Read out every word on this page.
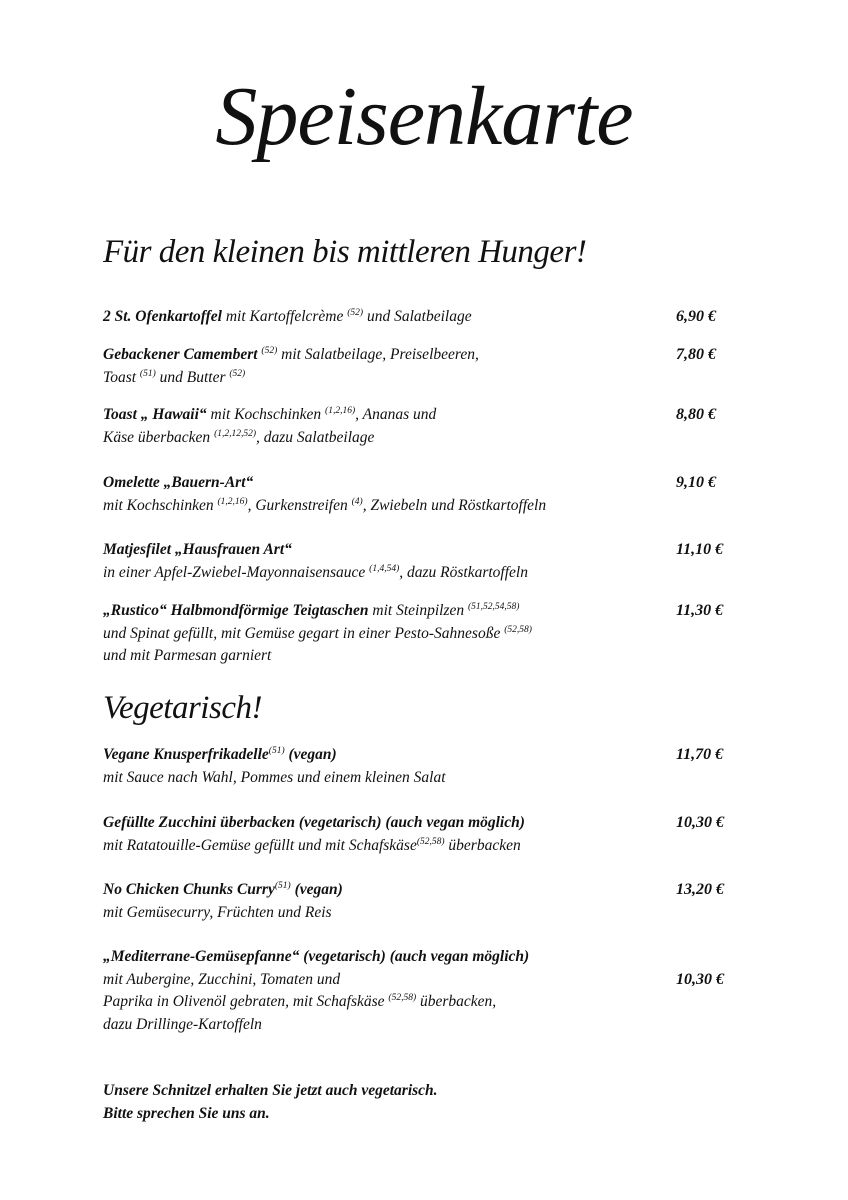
Speisenkarte
Für den kleinen bis mittleren Hunger!
2 St. Ofenkartoffel mit Kartoffelcrème $^{(52)}$ und Salatbeilage	6,90 €
Gebackener Camembert $^{(52)}$ mit Salatbeilage, Preiselbeeren,
Toast $^{(51)}$ und Butter $^{(52)}$
7,80 €
Toast „ Hawaii“ mit Kochschinken $^{(1,2,16)}$, Ananas und
Käse überbacken $^{(1,2,12,52)}$, dazu Salatbeilage
8,80 €
Omelette „Bauern-Art“
mit Kochschinken $^{(1,2,16)}$, Gurkenstreifen $^{(4)}$, Zwiebeln und Röstkartoffeln
9,10 €
Matjesfilet „Hausfrauen Art“
in einer Apfel-Zwiebel-Mayonnaisensauce $^{(1,4,54)}$, dazu Röstkartoffeln
11,10 €
„Rustico“ Halbmondförmige Teigtaschen mit Steinpilzen $^{(51,52,54,58)}$
und Spinat gefüllt, mit Gemüse gegart in einer Pesto-Sahnesoße $^{(52,58)}$
und mit Parmesan garniert
11,30 €
Vegetarisch!
Vegane Knusperfrikadelle$^{(51)}$ (vegan)
mit Sauce nach Wahl, Pommes und einem kleinen Salat
11,70 €
Gefüllte Zucchini überbacken (vegetarisch) (auch vegan möglich)
mit Ratatouille-Gemüse gefüllt und mit Schafskäse$^{(52,58)}$ überbacken
10,30 €
No Chicken Chunks Curry$^{(51)}$ (vegan)
mit Gemüsecurry, Früchten und Reis
13,20 €
„Mediterrane-Gemüsepfanne“ (vegetarisch) (auch vegan möglich)
mit Aubergine, Zucchini, Tomaten und
Paprika in Olivenöl gebraten, mit Schafskäse $^{(52,58)}$ überbacken,
dazu Drillinge-Kartoffeln
10,30 €
Unsere Schnitzel erhalten Sie jetzt auch vegetarisch.
Bitte sprechen Sie uns an.
